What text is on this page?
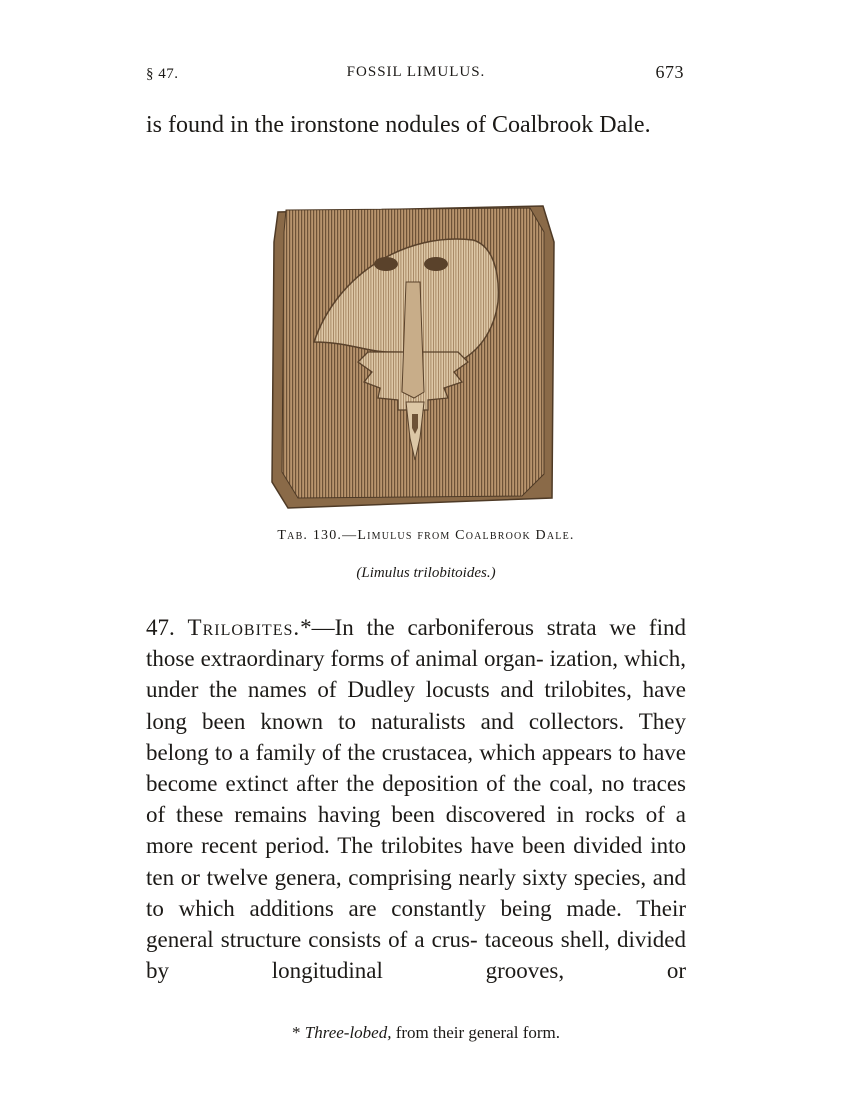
§ 47.	FOSSIL LIMULUS.	673

is found in the ironstone nodules of Coalbrook Dale.

Tab. 130.—Limulus from Coalbrook Dale.
(Limulus trilobitoides.)

47. Trilobites.*—In the carboniferous strata we find those extraordinary forms of animal organ- ization, which, under the names of Dudley locusts and trilobites, have long been known to naturalists and collectors. They belong to a family of the crustacea, which appears to have become extinct after the deposition of the coal, no traces of these remains having been discovered in rocks of a more recent period. The trilobites have been divided into ten or twelve genera, comprising nearly sixty species, and to which additions are constantly being made. Their general structure consists of a crus- taceous shell, divided by longitudinal grooves, or

* Three-lobed, from their general form.
